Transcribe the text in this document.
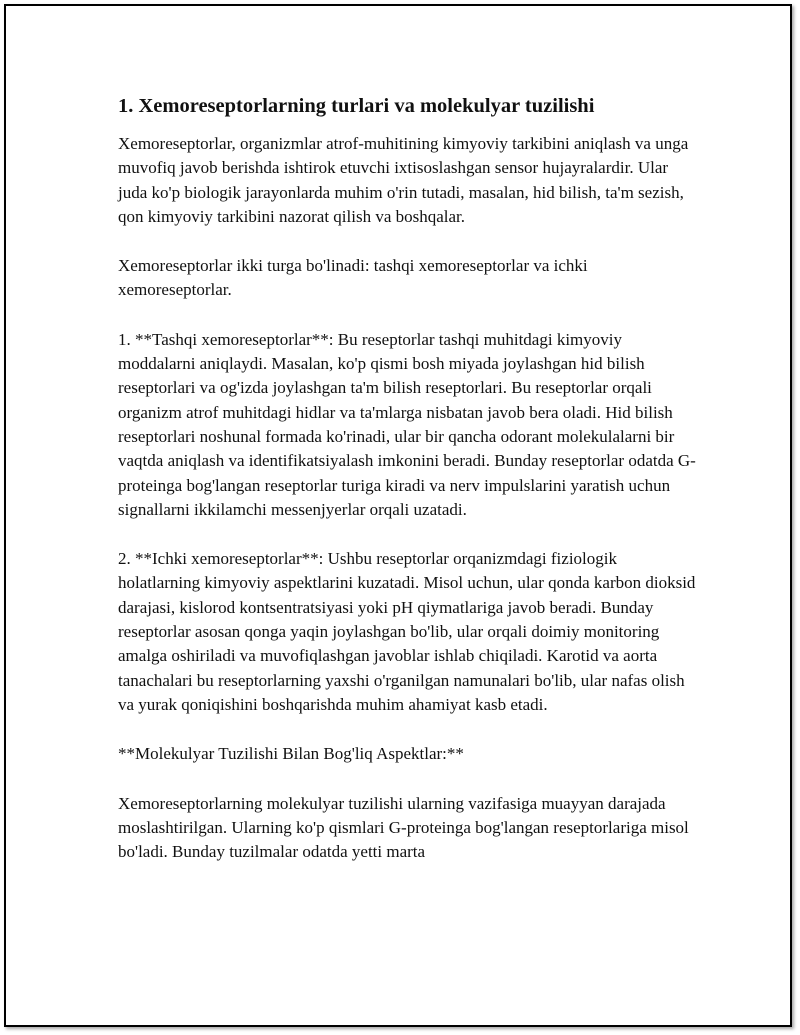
1. Xemoreseptorlarning turlari va molekulyar tuzilishi

Xemoreseptorlar, organizmlar atrof-muhitining kimyoviy tarkibini aniqlash va unga muvofiq javob berishda ishtirok etuvchi ixtisoslashgan sensor hujayralardir. Ular juda ko'p biologik jarayonlarda muhim o'rin tutadi, masalan, hid bilish, ta'm sezish, qon kimyoviy tarkibini nazorat qilish va boshqalar.

Xemoreseptorlar ikki turga bo'linadi: tashqi xemoreseptorlar va ichki xemoreseptorlar.

1. **Tashqi xemoreseptorlar**: Bu reseptorlar tashqi muhitdagi kimyoviy moddalarni aniqlaydi. Masalan, ko'p qismi bosh miyada joylashgan hid bilish reseptorlari va og'izda joylashgan ta'm bilish reseptorlari. Bu reseptorlar orqali organizm atrof muhitdagi hidlar va ta'mlarga nisbatan javob bera oladi. Hid bilish reseptorlari noshunal formada ko'rinadi, ular bir qancha odorant molekulalarni bir vaqtda aniqlash va identifikatsiyalash imkonini beradi. Bunday reseptorlar odatda G-proteinga bog'langan reseptorlar turiga kiradi va nerv impulslarini yaratish uchun signallarni ikkilamchi messenjyerlar orqali uzatadi.

2. **Ichki xemoreseptorlar**: Ushbu reseptorlar orqanizmdagi fiziologik holatlarning kimyoviy aspektlarini kuzatadi. Misol uchun, ular qonda karbon dioksid darajasi, kislorod kontsentratsiyasi yoki pH qiymatlariga javob beradi. Bunday reseptorlar asosan qonga yaqin joylashgan bo'lib, ular orqali doimiy monitoring amalga oshiriladi va muvofiqlashgan javoblar ishlab chiqiladi. Karotid va aorta tanachalari bu reseptorlarning yaxshi o'rganilgan namunalari bo'lib, ular nafas olish va yurak qoniqishini boshqarishda muhim ahamiyat kasb etadi.

**Molekulyar Tuzilishi Bilan Bog'liq Aspektlar:**

Xemoreseptorlarning molekulyar tuzilishi ularning vazifasiga muayyan darajada moslashtirilgan. Ularning ko'p qismlari G-proteinga bog'langan reseptorlariga misol bo'ladi. Bunday tuzilmalar odatda yetti marta
